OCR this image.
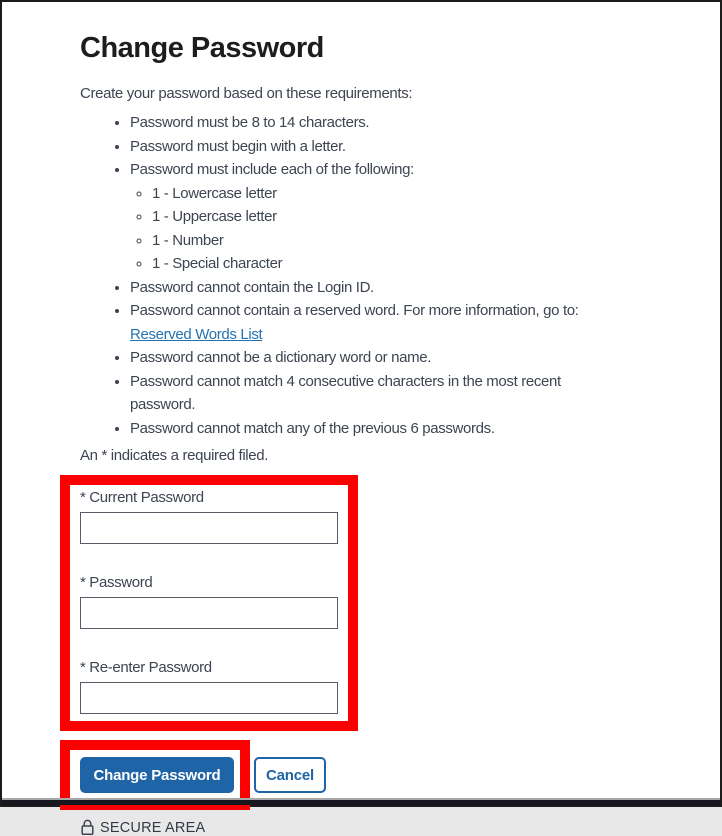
Change Password

Create your password based on these requirements:

• Password must be 8 to 14 characters.
• Password must begin with a letter.
• Password must include each of the following:
◦ 1 - Lowercase letter
◦ 1 - Uppercase letter
◦ 1 - Number
◦ 1 - Special character
• Password cannot contain the Login ID.
• Password cannot contain a reserved word. For more information, go to: Reserved Words List
• Password cannot be a dictionary word or name.
• Password cannot match 4 consecutive characters in the most recent password.
• Password cannot match any of the previous 6 passwords.

An * indicates a required filed.

* Current Password
* Password
* Re-enter Password
Change Password	Cancel
SECURE AREA
